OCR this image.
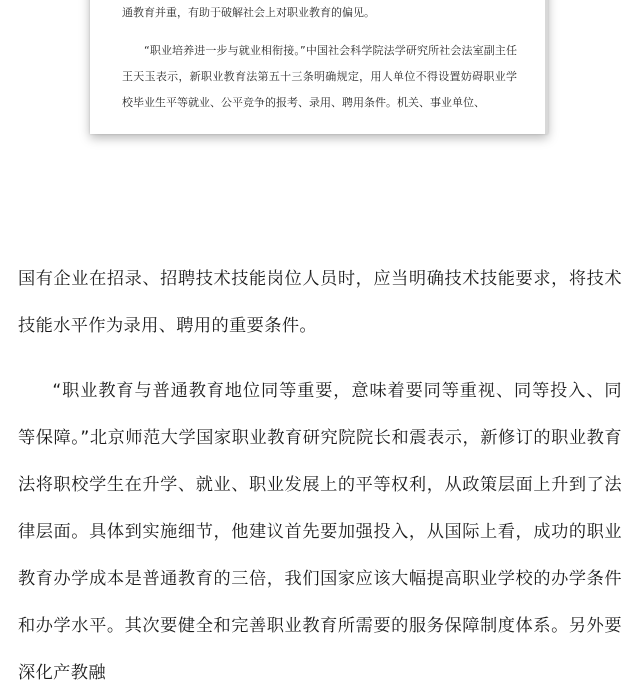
通教育并重，有助于破解社会上对职业教育的偏见。

“职业培养进一步与就业相衔接。”中国社会科学院法学研究所社会法室副主任王天玉表示，新职业教育法第五十三条明确规定，用人单位不得设置妨碍职业学校毕业生平等就业、公平竞争的报考、录用、聘用条件。机关、事业单位、

国有企业在招录、招聘技术技能岗位人员时，应当明确技术技能要求，将技术技能水平作为录用、聘用的重要条件。

“职业教育与普通教育地位同等重要，意味着要同等重视、同等投入、同等保障。”北京师范大学国家职业教育研究院院长和震表示，新修订的职业教育法将职校学生在升学、就业、职业发展上的平等权利，从政策层面上升到了法律层面。具体到实施细节，他建议首先要加强投入，从国际上看，成功的职业教育办学成本是普通教育的三倍，我们国家应该大幅提高职业学校的办学条件和办学水平。其次要健全和完善职业教育所需要的服务保障制度体系。另外要深化产教融
